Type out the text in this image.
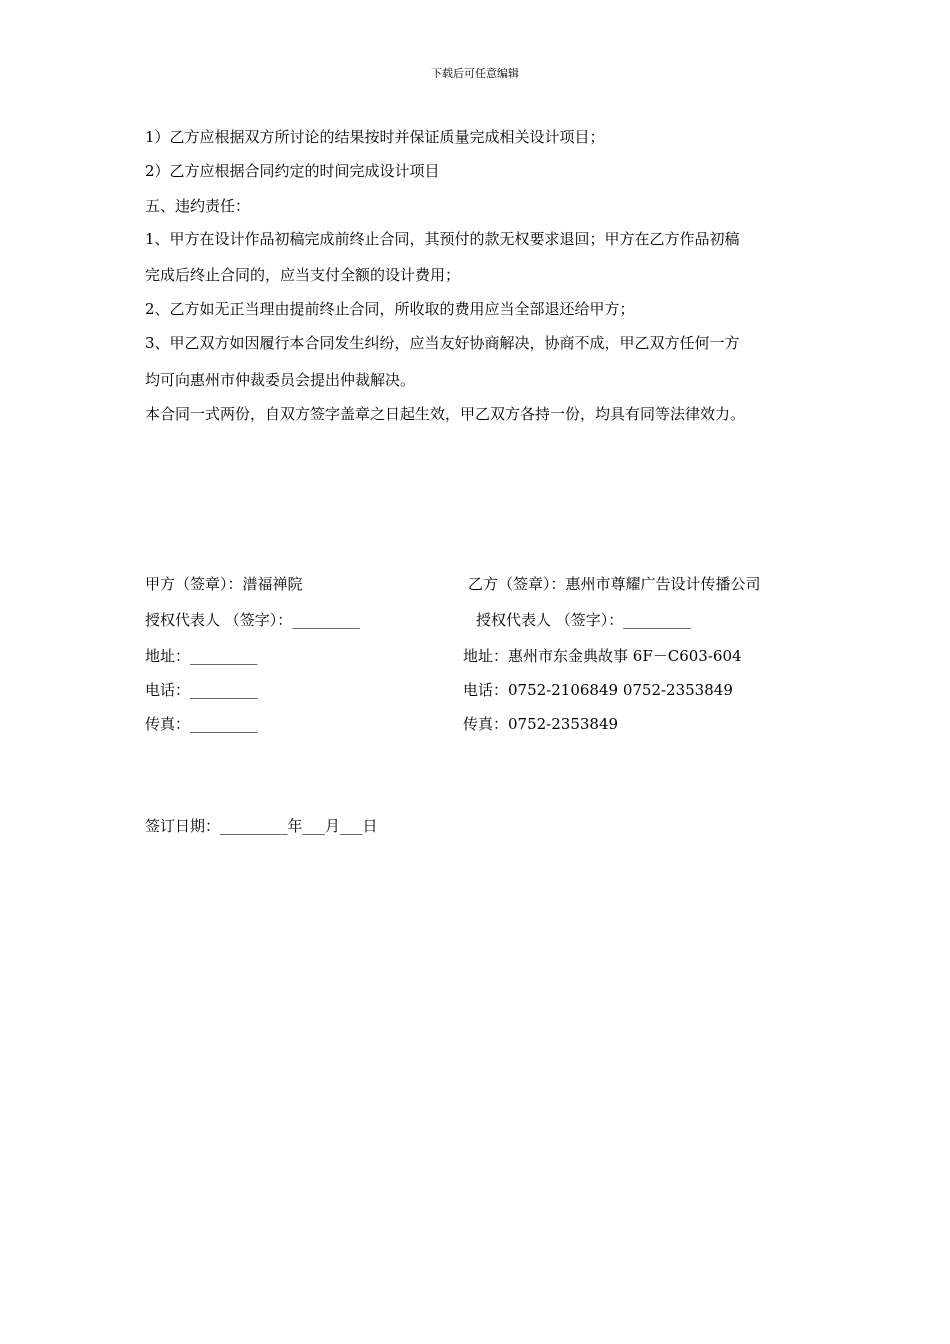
下载后可任意编辑
1）乙方应根据双方所讨论的结果按时并保证质量完成相关设计项目；
2）乙方应根据合同约定的时间完成设计项目
五、违约责任：
1、甲方在设计作品初稿完成前终止合同，其预付的款无权要求退回；甲方在乙方作品初稿
完成后终止合同的，应当支付全额的设计费用；
2、乙方如无正当理由提前终止合同，所收取的费用应当全部退还给甲方；
3、甲乙双方如因履行本合同发生纠纷，应当友好协商解决，协商不成，甲乙双方任何一方
均可向惠州市仲裁委员会提出仲裁解决。
本合同一式两份，自双方签字盖章之日起生效，甲乙双方各持一份，均具有同等法律效力。
甲方（签章）：潽福禅院
授权代表人 （签字）：_________
地址：_________
电话：_________
传真：_________
乙方（签章）：惠州市尊耀广告设计传播公司
授权代表人 （签字）：_________
地址：惠州市东金典故事 6F－C603-604
电话：0752-2106849 0752-2353849
传真：0752-2353849
签订日期：_________年___月___日
